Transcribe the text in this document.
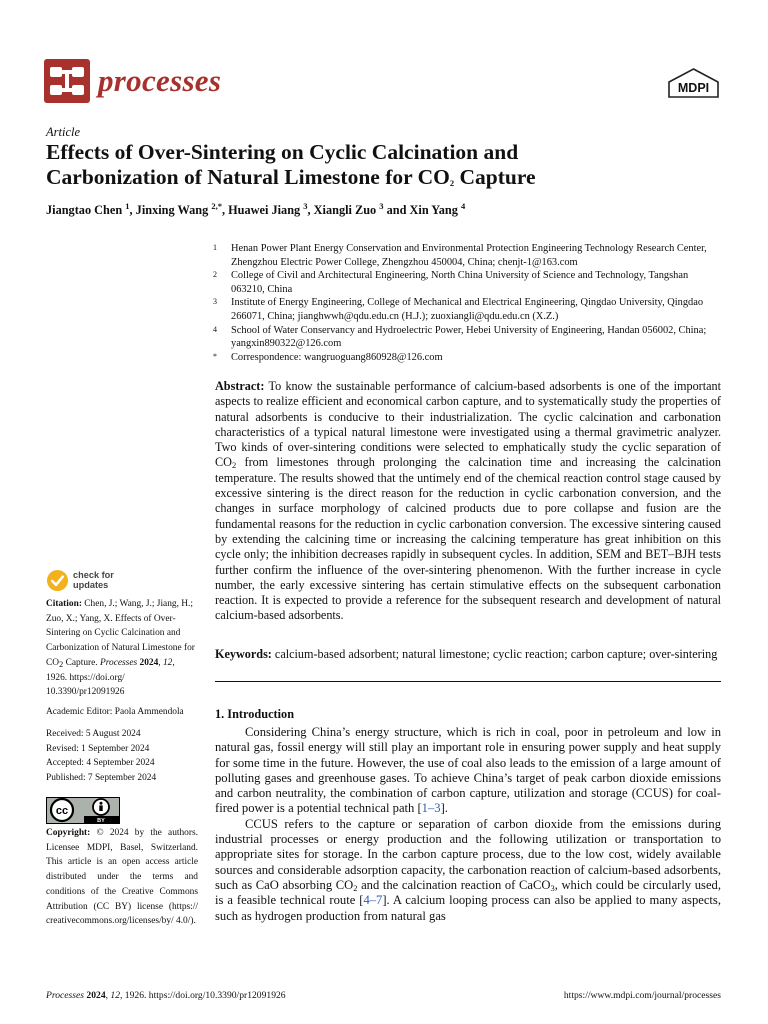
processes	MDPI
Article
Effects of Over-Sintering on Cyclic Calcination and
Carbonization of Natural Limestone for $CO_2$ Capture
Jiangtao Chen $^1$, Jinxing Wang $^{2,*}$, Huawei Jiang $^3$, Xiangli Zuo $^3$ and Xin Yang $^4$
1	Henan Power Plant Energy Conservation and Environmental Protection Engineering Technology Research Center, Zhengzhou Electric Power College, Zhengzhou 450004, China; chenjt-1@163.com
2	College of Civil and Architectural Engineering, North China University of Science and Technology, Tangshan 063210, China
3	Institute of Energy Engineering, College of Mechanical and Electrical Engineering, Qingdao University, Qingdao 266071, China; jianghwwh@qdu.edu.cn (H.J.); zuoxiangli@qdu.edu.cn (X.Z.)
4	School of Water Conservancy and Hydroelectric Power, Hebei University of Engineering, Handan 056002, China; yangxin890322@126.com
*	Correspondence: wangruoguang860928@126.com
Abstract: To know the sustainable performance of calcium-based adsorbents is one of the important aspects to realize efficient and economical carbon capture, and to systematically study the properties of natural adsorbents is conducive to their industrialization. The cyclic calcination and carbonation characteristics of a typical natural limestone were investigated using a thermal gravimetric analyzer. Two kinds of over-sintering conditions were selected to emphatically study the cyclic separation of $CO_2$ from limestones through prolonging the calcination time and increasing the calcination temperature. The results showed that the untimely end of the chemical reaction control stage caused by excessive sintering is the direct reason for the reduction in cyclic carbonation conversion, and the changes in surface morphology of calcined products due to pore collapse and fusion are the fundamental reasons for the reduction in cyclic carbonation conversion. The excessive sintering caused by extending the calcining time or increasing the calcining temperature has great inhibition on this cycle only; the inhibition decreases rapidly in subsequent cycles. In addition, SEM and BET–BJH tests further confirm the influence of the over-sintering phenomenon. With the further increase in cycle number, the early excessive sintering has certain stimulative effects on the subsequent carbonation reaction. It is expected to provide a reference for the subsequent research and development of natural calcium-based adsorbents.
Keywords: calcium-based adsorbent; natural limestone; cyclic reaction; carbon capture; over-sintering
1. Introduction

Considering China’s energy structure, which is rich in coal, poor in petroleum and low in natural gas, fossil energy will still play an important role in ensuring power supply and heat supply for some time in the future. However, the use of coal also leads to the emission of a large amount of polluting gases and greenhouse gases. To achieve China’s target of peak carbon dioxide emissions and carbon neutrality, the combination of carbon capture, utilization and storage (CCUS) for coal-fired power is a potential technical path [1–3].

CCUS refers to the capture or separation of carbon dioxide from the emissions during industrial processes or energy production and the following utilization or transportation to appropriate sites for storage. In the carbon capture process, due to the low cost, widely available sources and considerable adsorption capacity, the carbonation reaction of calcium-based adsorbents, such as CaO absorbing $CO_2$ and the calcination reaction of CaCO$_3$, which could be circularly used, is a feasible technical route [4–7]. A calcium looping process can also be applied to many aspects, such as hydrogen production from natural gas

check for
updates
Citation: Chen, J.; Wang, J.; Jiang, H.; Zuo, X.; Yang, X. Effects of Over-Sintering on Cyclic Calcination and Carbonization of Natural Limestone for $CO_2$ Capture. Processes 2024, 12, 1926. https://doi.org/ 10.3390/pr12091926
Academic Editor: Paola Ammendola
Received: 5 August 2024
Revised: 1 September 2024
Accepted: 4 September 2024
Published: 7 September 2024
cc
BY
Copyright: © 2024 by the authors. Licensee MDPI, Basel, Switzerland. This article is an open access article distributed under the terms and conditions of the Creative Commons Attribution (CC BY) license (https:// creativecommons.org/licenses/by/ 4.0/).
Processes 2024, 12, 1926. https://doi.org/10.3390/pr12091926	https://www.mdpi.com/journal/processes
